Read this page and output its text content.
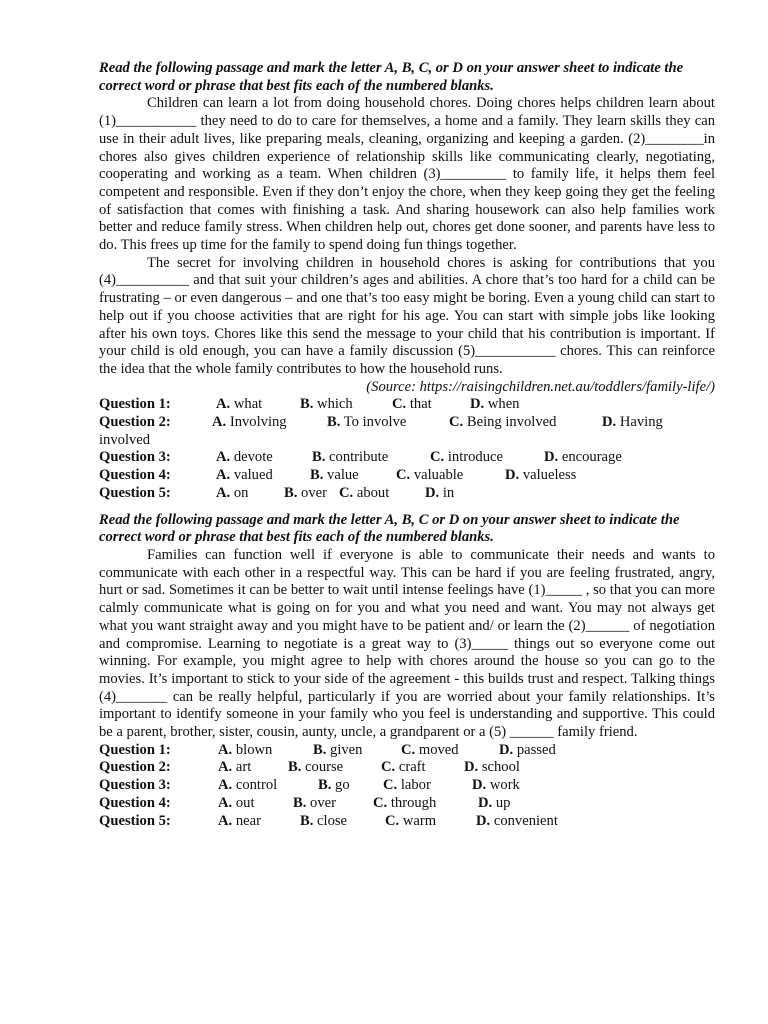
Read the following passage and mark the letter A, B, C, or D on your answer sheet to indicate the correct word or phrase that best fits each of the numbered blanks.

Children can learn a lot from doing household chores. Doing chores helps children learn about (1)___________ they need to do to care for themselves, a home and a family. They learn skills they can use in their adult lives, like preparing meals, cleaning, organizing and keeping a garden. (2)________in chores also gives children experience of relationship skills like communicating clearly, negotiating, cooperating and working as a team. When children (3)_________ to family life, it helps them feel competent and responsible. Even if they don’t enjoy the chore, when they keep going they get the feeling of satisfaction that comes with finishing a task. And sharing housework can also help families work better and reduce family stress. When children help out, chores get done sooner, and parents have less to do. This frees up time for the family to spend doing fun things together.

The secret for involving children in household chores is asking for contributions that you (4)__________ and that suit your children’s ages and abilities. A chore that’s too hard for a child can be frustrating – or even dangerous – and one that’s too easy might be boring. Even a young child can start to help out if you choose activities that are right for his age. You can start with simple jobs like looking after his own toys. Chores like this send the message to your child that his contribution is important. If your child is old enough, you can have a family discussion (5)___________ chores. This can reinforce the idea that the whole family contributes to how the household runs.

(Source: https://raisingchildren.net.au/toddlers/family-life/)

Question 1:	A. what	B. which	C. that	D. when
Question 2:	A. Involving	B. To involve	C. Being involved	D. Having involved
Question 3:	A. devote	B. contribute	C. introduce	D. encourage
Question 4:	A. valued	B. value	C. valuable	D. valueless
Question 5:	A. on	B. over C. about	D. in

Read the following passage and mark the letter A, B, C or D on your answer sheet to indicate the correct word or phrase that best fits each of the numbered blanks.

Families can function well if everyone is able to communicate their needs and wants to communicate with each other in a respectful way. This can be hard if you are feeling frustrated, angry, hurt or sad. Sometimes it can be better to wait until intense feelings have (1)_____ , so that you can more calmly communicate what is going on for you and what you need and want. You may not always get what you want straight away and you might have to be patient and/ or learn the (2)______ of negotiation and compromise. Learning to negotiate is a great way to (3)_____ things out so everyone come out winning. For example, you might agree to help with chores around the house so you can go to the movies. It’s important to stick to your side of the agreement - this builds trust and respect. Talking things (4)_______ can be really helpful, particularly if you are worried about your family relationships. It’s important to identify someone in your family who you feel is understanding and supportive. This could be a parent, brother, sister, cousin, aunty, uncle, a grandparent or a (5) ______ family friend.

Question 1:	A. blown	B. given	C. moved	D. passed
Question 2:	A. art	B. course	C. craft	D. school
Question 3:	A. control	B. go	C. labor	D. work
Question 4:	A. out	B. over	C. through	D. up
Question 5:	A. near	B. close	C. warm	D. convenient
